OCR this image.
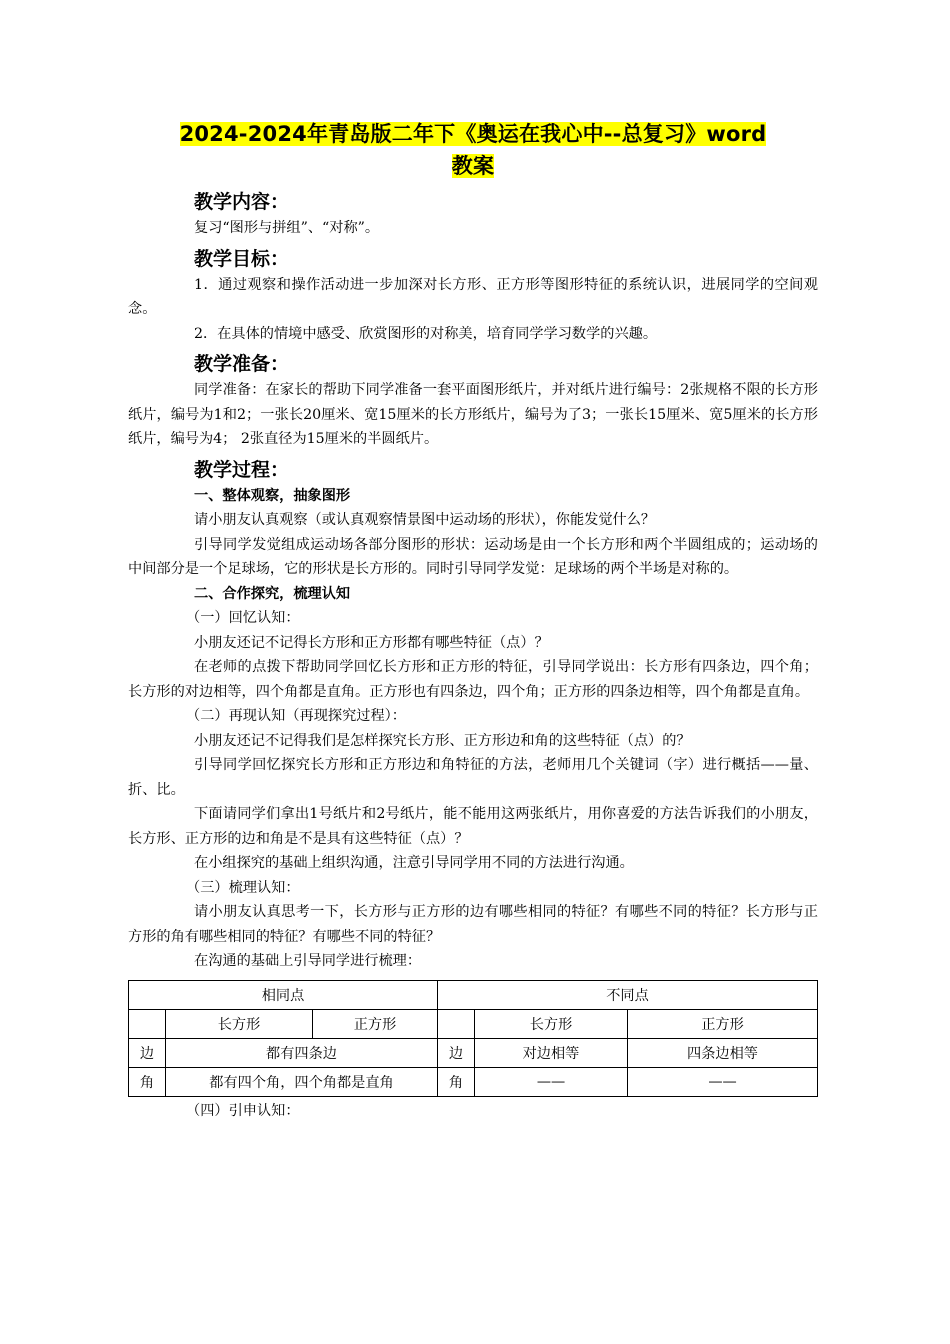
2024-2024年青岛版二年下《奥运在我心中--总复习》word
教案
教学内容：
复习“图形与拼组”、“对称”。
教学目标：
1．通过观察和操作活动进一步加深对长方形、正方形等图形特征的系统认识，进展同学的空间观念。
2．在具体的情境中感受、欣赏图形的对称美，培育同学学习数学的兴趣。
教学准备：
同学准备：在家长的帮助下同学准备一套平面图形纸片，并对纸片进行编号：2张规格不限的长方形纸片，编号为1和2；一张长20厘米、宽15厘米的长方形纸片，编号为了3；一张长15厘米、宽5厘米的长方形纸片，编号为4； 2张直径为15厘米的半圆纸片。
教学过程：
一、整体观察，抽象图形
请小朋友认真观察（或认真观察情景图中运动场的形状），你能发觉什么？
引导同学发觉组成运动场各部分图形的形状：运动场是由一个长方形和两个半圆组成的；运动场的中间部分是一个足球场，它的形状是长方形的。同时引导同学发觉：足球场的两个半场是对称的。
二、合作探究，梳理认知
（一）回忆认知：
小朋友还记不记得长方形和正方形都有哪些特征（点）？
在老师的点拨下帮助同学回忆长方形和正方形的特征，引导同学说出：长方形有四条边，四个角；长方形的对边相等，四个角都是直角。正方形也有四条边，四个角；正方形的四条边相等，四个角都是直角。
（二）再现认知（再现探究过程）：
小朋友还记不记得我们是怎样探究长方形、正方形边和角的这些特征（点）的？
引导同学回忆探究长方形和正方形边和角特征的方法，老师用几个关键词（字）进行概括——量、折、比。
下面请同学们拿出1号纸片和2号纸片，能不能用这两张纸片，用你喜爱的方法告诉我们的小朋友，长方形、正方形的边和角是不是具有这些特征（点）？
在小组探究的基础上组织沟通，注意引导同学用不同的方法进行沟通。
（三）梳理认知：
请小朋友认真思考一下，长方形与正方形的边有哪些相同的特征？有哪些不同的特征？长方形与正方形的角有哪些相同的特征？有哪些不同的特征？
在沟通的基础上引导同学进行梳理：
相同点			不同点		
	长方形	正方形		长方形	正方形
边	都有四条边		边	对边相等	四条边相等
角	都有四个角，四个角都是直角		角	——	——
（四）引申认知：
